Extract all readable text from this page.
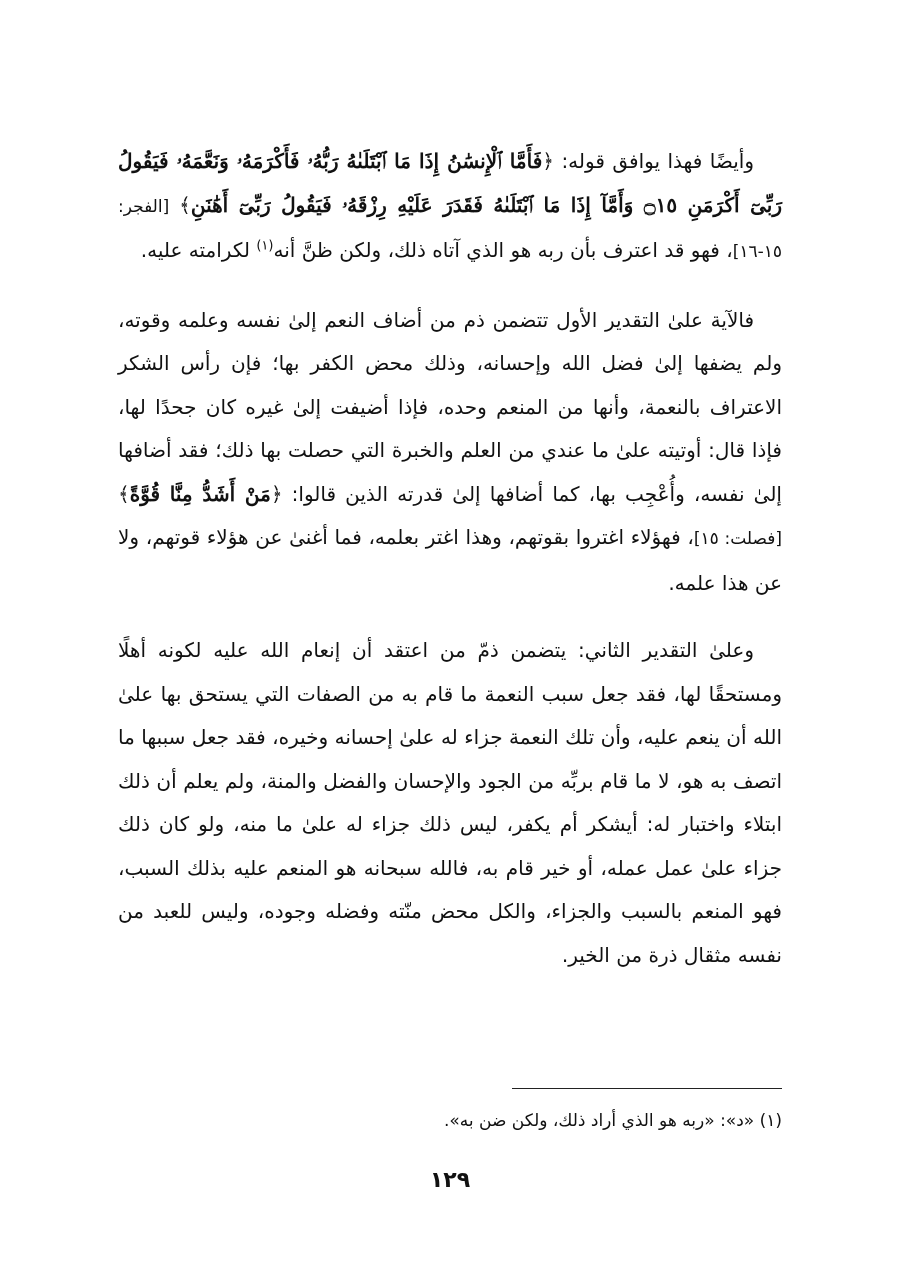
وأيضًا فهذا يوافق قوله: ﴿فَأَمَّا ٱلْإِنسَٰنُ إِذَا مَا ٱبْتَلَىٰهُ رَبُّهُۥ فَأَكْرَمَهُۥ وَنَعَّمَهُۥ فَيَقُولُ رَبِّىٓ أَكْرَمَنِ ۝١٥ وَأَمَّآ إِذَا مَا ٱبْتَلَىٰهُ فَقَدَرَ عَلَيْهِ رِزْقَهُۥ فَيَقُولُ رَبِّىٓ أَهَٰنَنِ﴾ [الفجر: ١٥-١٦]، فهو قد اعترف بأن ربه هو الذي آتاه ذلك، ولكن ظنَّ أنه$^{(١)}$ لكرامته عليه.

فالآية علىٰ التقدير الأول تتضمن ذم من أضاف النعم إلىٰ نفسه وعلمه وقوته، ولم يضفها إلىٰ فضل الله وإحسانه، وذلك محض الكفر بها؛ فإن رأس الشكر الاعتراف بالنعمة، وأنها من المنعم وحده، فإذا أضيفت إلىٰ غيره كان جحدًا لها، فإذا قال: أوتيته علىٰ ما عندي من العلم والخبرة التي حصلت بها ذلك؛ فقد أضافها إلىٰ نفسه، وأُعْجِب بها، كما أضافها إلىٰ قدرته الذين قالوا: ﴿مَنْ أَشَدُّ مِنَّا قُوَّةً﴾ [فصلت: ١٥]، فهؤلاء اغتروا بقوتهم، وهذا اغتر بعلمه، فما أغنىٰ عن هؤلاء قوتهم، ولا عن هذا علمه.

وعلىٰ التقدير الثاني: يتضمن ذمّ من اعتقد أن إنعام الله عليه لكونه أهلًا ومستحقًا لها، فقد جعل سبب النعمة ما قام به من الصفات التي يستحق بها علىٰ الله أن ينعم عليه، وأن تلك النعمة جزاء له علىٰ إحسانه وخيره، فقد جعل سببها ما اتصف به هو، لا ما قام بربِّه من الجود والإحسان والفضل والمنة، ولم يعلم أن ذلك ابتلاء واختبار له: أيشكر أم يكفر، ليس ذلك جزاء له علىٰ ما منه، ولو كان ذلك جزاء علىٰ عمل عمله، أو خير قام به، فالله سبحانه هو المنعم عليه بذلك السبب، فهو المنعم بالسبب والجزاء، والكل محض منّته وفضله وجوده، وليس للعبد من نفسه مثقال ذرة من الخير.

(١) «د»: «ربه هو الذي أراد ذلك، ولكن ضن به».
١٢٩
